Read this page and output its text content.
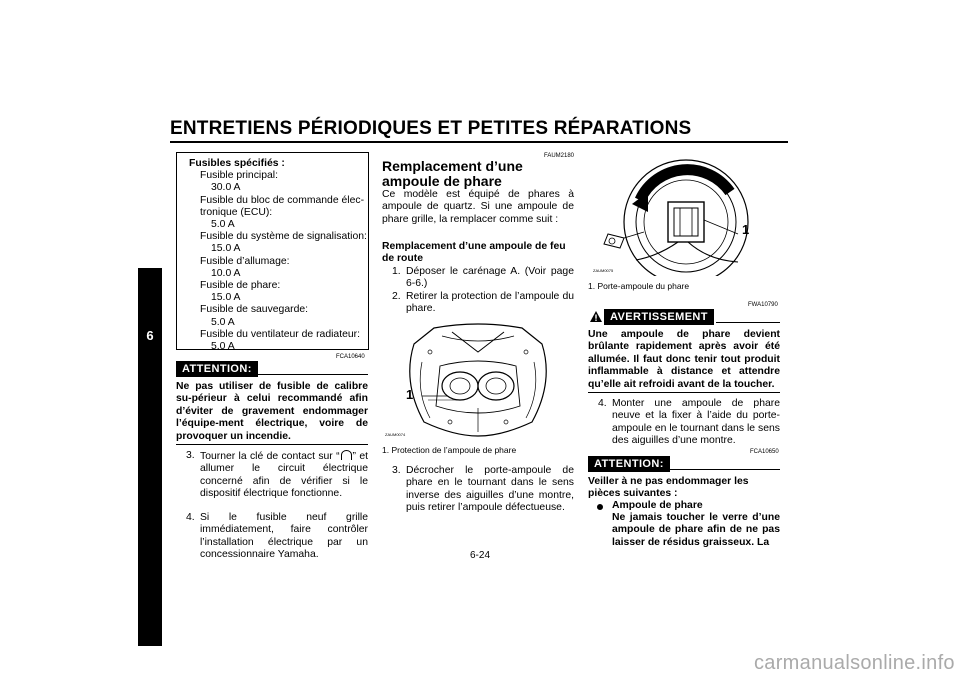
ENTRETIENS PÉRIODIQUES ET PETITES RÉPARATIONS
6
Fusibles spécifiés :
Fusible principal:
30.0 A
Fusible du bloc de commande élec-
tronique (ECU):
5.0 A
Fusible du système de signalisation:
15.0 A
Fusible d’allumage:
10.0 A
Fusible de phare:
15.0 A
Fusible de sauvegarde:
5.0 A
Fusible du ventilateur de radiateur:
5.0 A
FCA10640
ATTENTION:
Ne pas utiliser de fusible de calibre su-périeur à celui recommandé afin d’éviter de gravement endommager l’équipe-ment électrique, voire de provoquer un incendie.
3. Tourner la clé de contact sur “ ” et allumer le circuit électrique concerné afin de vérifier si le dispositif électrique fonctionne.
4. Si le fusible neuf grille immédiatement, faire contrôler l’installation électrique par un concessionnaire Yamaha.
FAUM2180
Remplacement d’une ampoule de phare
Ce modèle est équipé de phares à ampoule de quartz. Si une ampoule de phare grille, la remplacer comme suit :
Remplacement d’une ampoule de feu de route
1. Déposer le carénage A. (Voir page 6-6.)
2. Retirer la protection de l’ampoule du phare.
1
ZAUM0074
1. Protection de l’ampoule de phare
3. Décrocher le porte-ampoule de phare en le tournant dans le sens inverse des aiguilles d’une montre, puis retirer l’ampoule défectueuse.
1
ZAUM0075
1. Porte-ampoule du phare
FWA10790
AVERTISSEMENT
Une ampoule de phare devient brûlante rapidement après avoir été allumée. Il faut donc tenir tout produit inflammable à distance et attendre qu’elle ait refroidi avant de la toucher.
4. Monter une ampoule de phare neuve et la fixer à l’aide du porte-ampoule en le tournant dans le sens des aiguilles d’une montre.
FCA10650
ATTENTION:
Veiller à ne pas endommager les pièces suivantes :
Ampoule de phare
Ne jamais toucher le verre d’une ampoule de phare afin de ne pas laisser de résidus graisseux. La
6-24
carmanualsonline.info
